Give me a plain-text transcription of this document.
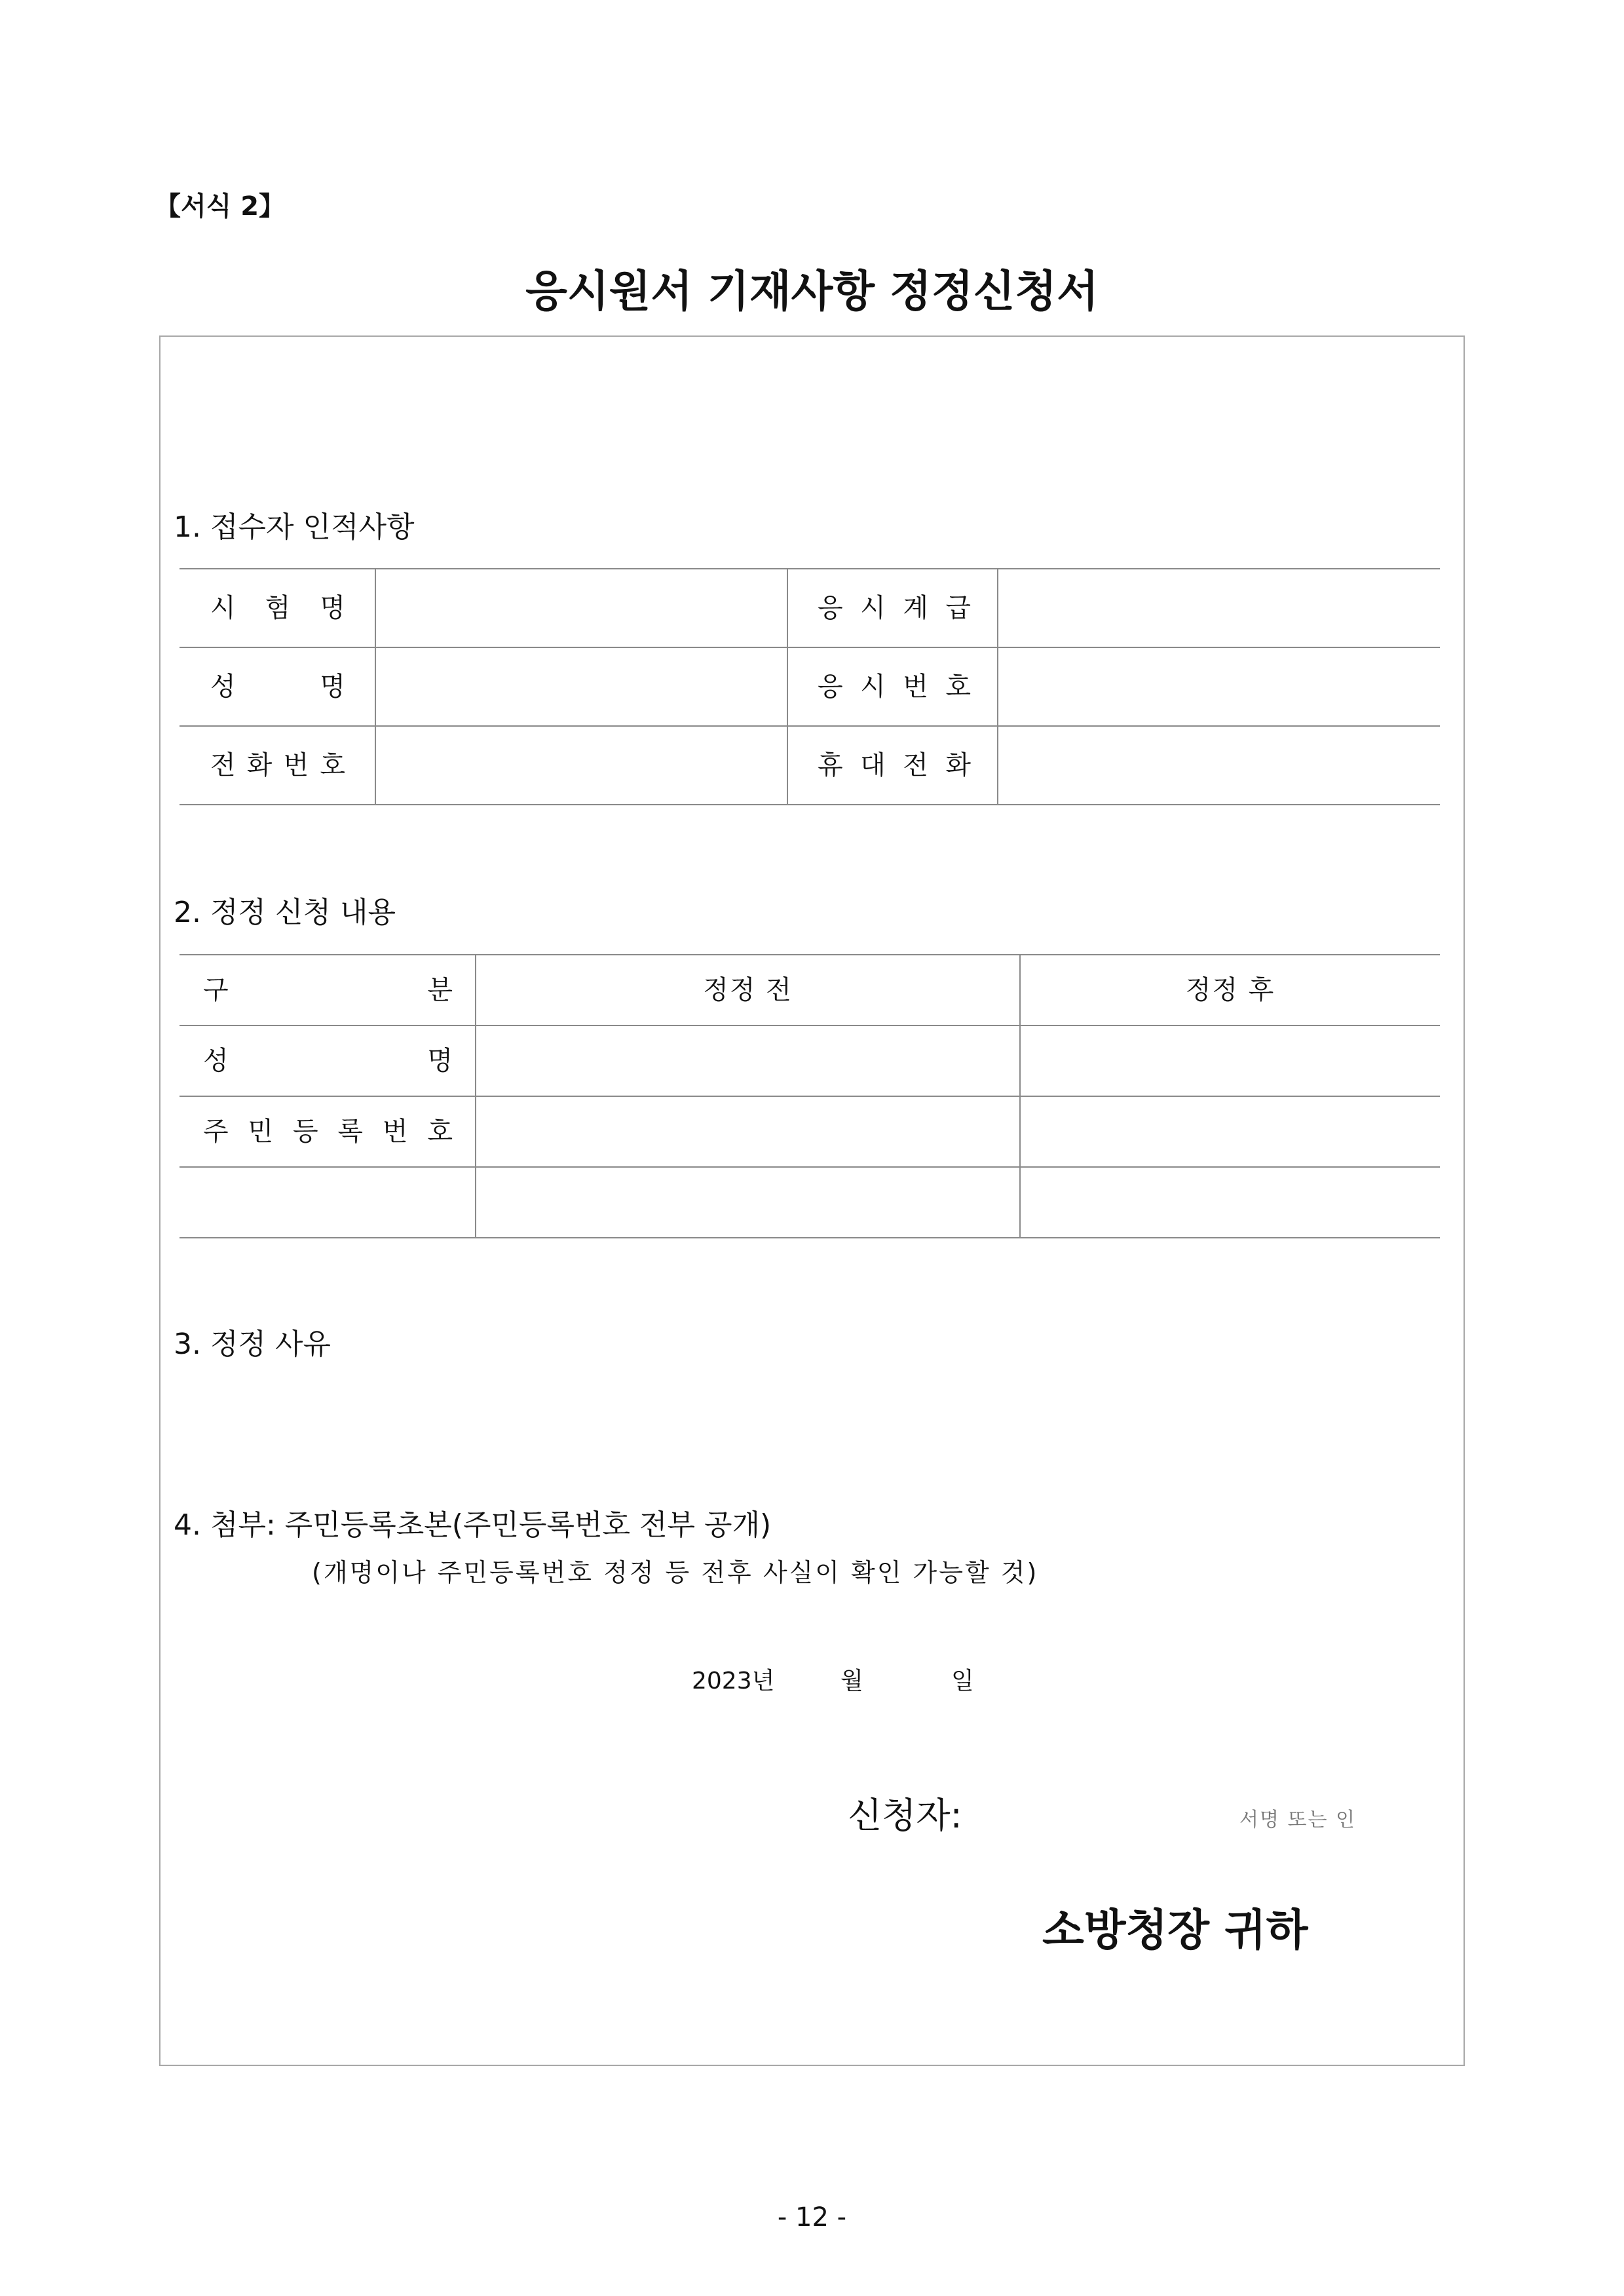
【서식 2】
응시원서 기재사항 정정신청서
1. 접수자 인적사항
시 험 명		응 시 계 급	

성 명		응 시 번 호	

전 화 번 호		휴 대 전 화	

2. 정정 신청 내용
구 분	정정 전	정정 후

성 명		

주 민 등 록 번 호		

3. 정정 사유
4. 첨부: 주민등록초본(주민등록번호 전부 공개)
(개명이나 주민등록번호 정정 등 전후 사실이 확인 가능할 것)
2023년	월	일
신청자:	서명 또는 인
소방청장 귀하
- 12 -
